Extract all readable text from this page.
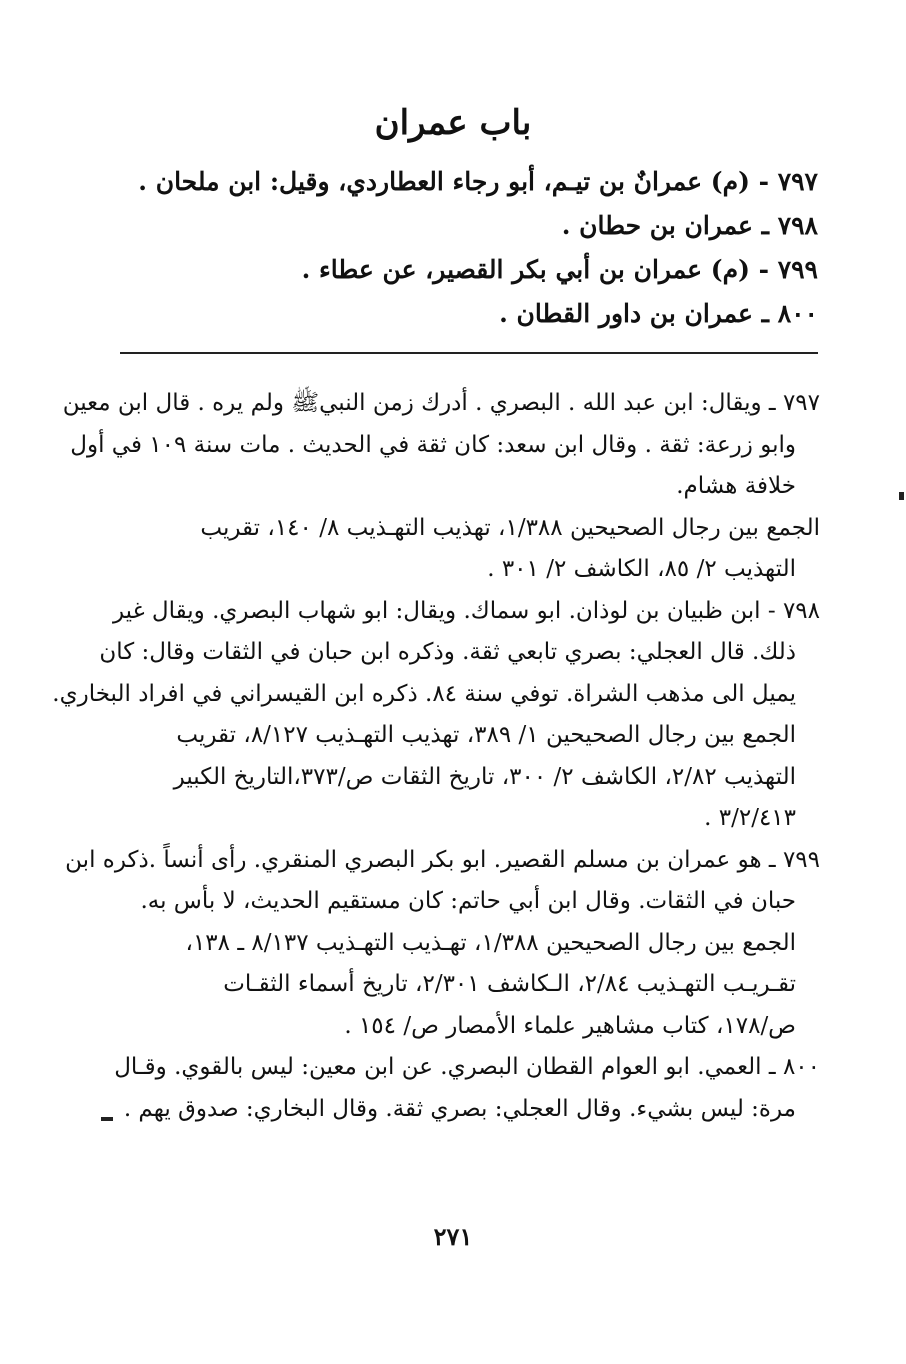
باب عمران
٧٩٧ - (م) عمرانٌ بن تيـم، أبو رجاء العطاردي، وقيل: ابن ملحان .
٧٩٨ ـ عمران بن حطان .
٧٩٩ - (م) عمران بن أبي بكر القصير، عن عطاء .
٨٠٠ ـ عمران بن داور القطان .
٧٩٧ ـ ويقال: ابن عبد الله . البصري . أدرك زمن النبيﷺ ولم يره . قال ابن معين
وابو زرعة: ثقة . وقال ابن سعد: كان ثقة في الحديث . مات سنة ١٠٩ في أول
خلافة هشام.
الجمع بين رجال الصحيحين ١/٣٨٨، تهذيب التهـذيب ٨/ ١٤٠، تقريب
التهذيب ٢/ ٨٥، الكاشف ٢/ ٣٠١ .
٧٩٨ - ابن ظبيان بن لوذان. ابو سماك. ويقال: ابو شهاب البصري. ويقال غير
ذلك. قال العجلي: بصري تابعي ثقة. وذكره ابن حبان في الثقات وقال: كان
يميل الى مذهب الشراة. توفي سنة ٨٤. ذكره ابن القيسراني في افراد البخاري.
الجمع بين رجال الصحيحين ١/ ٣٨٩، تهذيب التهـذيب ٨/١٢٧، تقريب
التهذيب ٢/٨٢، الكاشف ٢/ ٣٠٠، تاريخ الثقات ص/٣٧٣،التاريخ الكبير
٣/٢/٤١٣ .
٧٩٩ ـ هو عمران بن مسلم القصير. ابو بكر البصري المنقري. رأى أنساً .ذكره ابن
حبان في الثقات. وقال ابن أبي حاتم: كان مستقيم الحديث، لا بأس به.
الجمع بين رجال الصحيحين ١/٣٨٨، تهـذيب التهـذيب ٨/١٣٧ ـ ١٣٨،
تقـريـب التهـذيب ٢/٨٤، الـكاشف ٢/٣٠١، تاريخ أسماء الثقـات
ص/١٧٨، كتاب مشاهير علماء الأمصار ص/ ١٥٤ .
٨٠٠ ـ العمي. ابو العوام القطان البصري. عن ابن معين: ليس بالقوي. وقـال
مرة: ليس بشيء. وقال العجلي: بصري ثقة. وقال البخاري: صدوق يهم .
٢٧١
